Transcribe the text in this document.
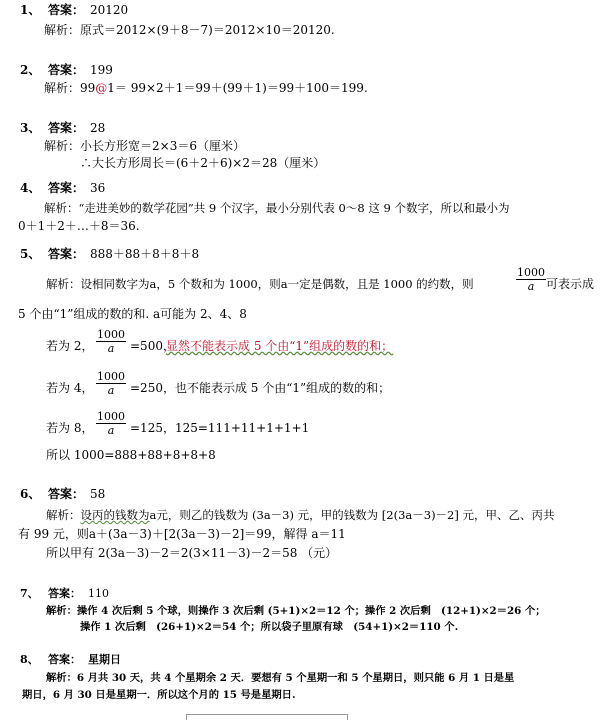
1、 答案： 20120
解析：原式＝2012×(9＋8－7)＝2012×10＝20120.
2、 答案： 199
解析：99@1＝ 99×2＋1＝99＋(99＋1)＝99＋100＝199.
3、 答案： 28
解析：小长方形宽＝2×3＝6（厘米）
∴大长方形周长＝(6＋2＋6)×2＝28（厘米）
4、 答案： 36
解析：“走进美妙的数学花园”共 9 个汉字，最小分别代表 0～8 这 9 个数字，所以和最小为
0＋1＋2＋…＋8＝36.
5、 答案： 888＋88＋8＋8＋8
解析：设相同数字为a，5 个数和为 1000，则a一定是偶数，且是 1000 的约数，则	$\frac{1000}{a}$ 可表示成
5 个由“1”组成的数的和. a可能为 2、4、8
若为 2， $\frac{1000}{a} =500$，
显然不能表示成 5 个由“1”组成的数的和；
若为 4， $\frac{1000}{a} =250$，也不能表示成 5 个由“1”组成的数的和；
若为 8， $\frac{1000}{a} =125$，125=111+11+1+1+1
所以 1000=888+88+8+8+8
6、 答案： 58
解析：设丙的钱数为a元，则乙的钱数为 (3a－3) 元，甲的钱数为 [2(3a－3)－2] 元，甲、乙、丙共
有 99 元，则a＋(3a－3)＋[2(3a－3)－2]＝99，解得 a＝11
所以甲有 2(3a－3)－2＝2(3×11－3)－2＝58 （元）
7、 答案： 110
解析：操作 4 次后剩 5 个球，则操作 3 次后剩 (5+1)×2＝12 个；操作 2 次后剩　(12+1)×2＝26 个；
操作 1 次后剩　(26+1)×2＝54 个；所以袋子里原有球　(54+1)×2＝110 个.
8、 答案： 星期日
解析：6 月共 30 天，共 4 个星期余 2 天．要想有 5 个星期一和 5 个星期日，则只能 6 月 1 日是星
期日，6 月 30 日是星期一．所以这个月的 15 号是星期日.
